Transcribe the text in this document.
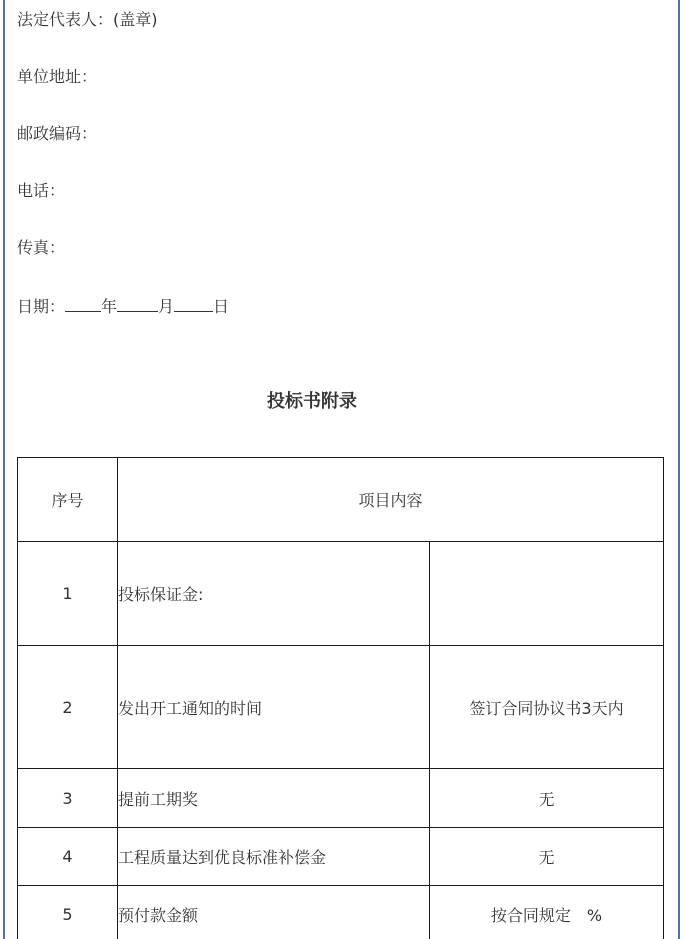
法定代表人：(盖章)
单位地址：
邮政编码：
电话：
传真：
日期： 年	月 日
投标书附录
序号	项目内容	
1	投标保证金:	
2	发出开工通知的时间	签订合同协议书3天内
3	提前工期奖	无
4	工程质量达到优良标准补偿金	无
5	预付款金额	按合同规定　%
